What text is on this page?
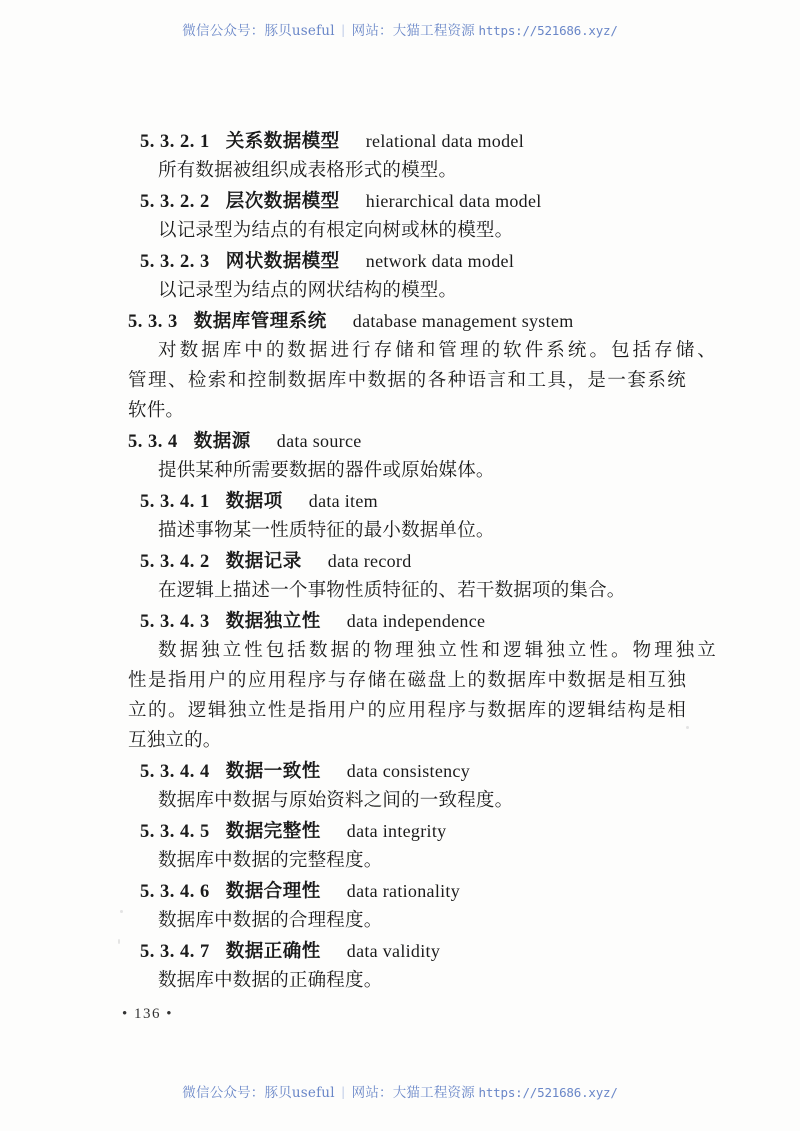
微信公众号：豚贝useful | 网站：大猫工程资源 https://521686.xyz/
5. 3. 2. 1 关系数据模型 relational data model
所有数据被组织成表格形式的模型。
5. 3. 2. 2 层次数据模型 hierarchical data model
以记录型为结点的有根定向树或林的模型。
5. 3. 2. 3 网状数据模型 network data model
以记录型为结点的网状结构的模型。
5. 3. 3 数据库管理系统 database management system
对数据库中的数据进行存储和管理的软件系统。包括存储、
管理、检索和控制数据库中数据的各种语言和工具，是一套系统
软件。
5. 3. 4 数据源 data source
提供某种所需要数据的器件或原始媒体。
5. 3. 4. 1 数据项 data item
描述事物某一性质特征的最小数据单位。
5. 3. 4. 2 数据记录 data record
在逻辑上描述一个事物性质特征的、若干数据项的集合。
5. 3. 4. 3 数据独立性 data independence
数据独立性包括数据的物理独立性和逻辑独立性。物理独立
性是指用户的应用程序与存储在磁盘上的数据库中数据是相互独
立的。逻辑独立性是指用户的应用程序与数据库的逻辑结构是相
互独立的。
5. 3. 4. 4 数据一致性 data consistency
数据库中数据与原始资料之间的一致程度。
5. 3. 4. 5 数据完整性 data integrity
数据库中数据的完整程度。
5. 3. 4. 6 数据合理性 data rationality
数据库中数据的合理程度。
5. 3. 4. 7 数据正确性 data validity
数据库中数据的正确程度。
• 136 •
微信公众号：豚贝useful | 网站：大猫工程资源 https://521686.xyz/
